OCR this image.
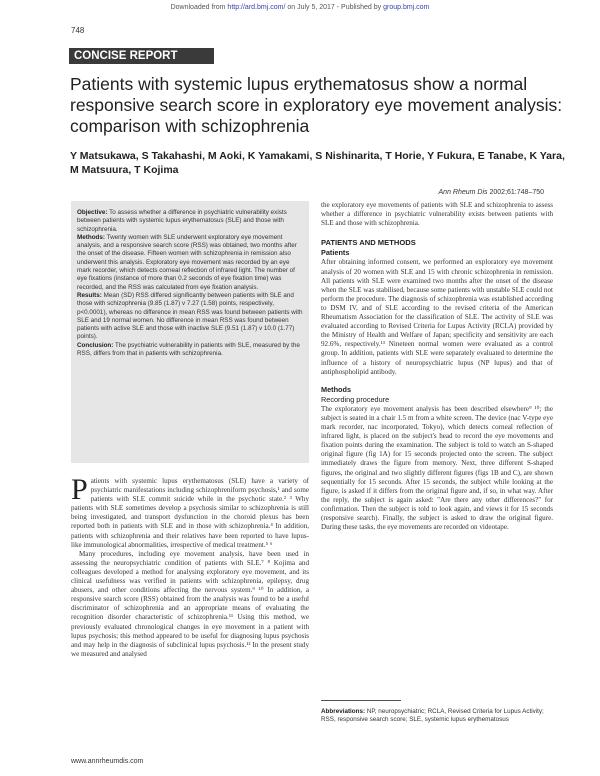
Downloaded from http://ard.bmj.com/ on July 5, 2017 - Published by group.bmj.com
748
CONCISE REPORT
Patients with systemic lupus erythematosus show a normal responsive search score in exploratory eye movement analysis: comparison with schizophrenia
Y Matsukawa, S Takahashi, M Aoki, K Yamakami, S Nishinarita, T Horie, Y Fukura, E Tanabe, K Yara, M Matsuura, T Kojima
Ann Rheum Dis 2002;61:748–750

Objective: To assess whether a difference in psychiatric vulnerability exists between patients with systemic lupus erythematosus (SLE) and those with schizophrenia.

Methods: Twenty women with SLE underwent exploratory eye movement analysis, and a responsive search score (RSS) was obtained, two months after the onset of the disease. Fifteen women with schizophrenia in remission also underwent this analysis. Exploratory eye movement was recorded by an eye mark recorder, which detects corneal reflection of infrared light. The number of eye fixations (instance of more than 0.2 seconds of eye fixation time) was recorded, and the RSS was calculated from eye fixation analysis.

Results: Mean (SD) RSS differed significantly between patients with SLE and those with schizophrenia (9.85 (1.87) v 7.27 (1.58) points, respectively, p<0.0001), whereas no difference in mean RSS was found between patients with SLE and 19 normal women. No difference in mean RSS was found between patients with active SLE and those with inactive SLE (9.51 (1.87) v 10.0 (1.77) points).

Conclusion: The psychiatric vulnerability in patients with SLE, measured by the RSS, differs from that in patients with schizophrenia.

Patients with systemic lupus erythematosus (SLE) have a variety of psychiatric manifestations including schizophreniform psychosis,¹ and some patients with SLE commit suicide while in the psychotic state.² ³ Why patients with SLE sometimes develop a psychosis similar to schizophrenia is still being investigated, and transport dysfunction in the choroid plexus has been reported both in patients with SLE and in those with schizophrenia.⁴ In addition, patients with schizophrenia and their relatives have been reported to have lupus-like immunological abnormalities, irrespective of medical treatment.⁵ ⁶

Many procedures, including eye movement analysis, have been used in assessing the neuropsychiatric condition of patients with SLE.⁷ ⁸ Kojima and colleagues developed a method for analysing exploratory eye movement, and its clinical usefulness was verified in patients with schizophrenia, epilepsy, drug abusers, and other conditions affecting the nervous system.⁹ ¹⁰ In addition, a responsive search score (RSS) obtained from the analysis was found to be a useful discriminator of schizophrenia and an appropriate means of evaluating the recognition disorder characteristic of schizophrenia.¹¹ Using this method, we previously evaluated chronological changes in eye movement in a patient with lupus psychosis; this method appeared to be useful for diagnosing lupus psychosis and may help in the diagnosis of subclinical lupus psychosis.¹² In the present study we measured and analysed

the exploratory eye movements of patients with SLE and schizophrenia to assess whether a difference in psychiatric vulnerability exists between patients with SLE and those with schizophrenia.

PATIENTS AND METHODS
Patients

After obtaining informed consent, we performed an exploratory eye movement analysis of 20 women with SLE and 15 with chronic schizophrenia in remission. All patients with SLE were examined two months after the onset of the disease when the SLE was stabilised, because some patients with unstable SLE could not perform the procedure. The diagnosis of schizophrenia was established according to DSM IV, and of SLE according to the revised criteria of the American Rheumatism Association for the classification of SLE. The activity of SLE was evaluated according to Revised Criteria for Lupus Activity (RCLA) provided by the Ministry of Health and Welfare of Japan; specificity and sensitivity are each 92.6%, respectively.¹³ Nineteen normal women were evaluated as a control group. In addition, patients with SLE were separately evaluated to determine the influence of a history of neuropsychiatric lupus (NP lupus) and that of antiphospholipid antibody.

Methods
Recording procedure

The exploratory eye movement analysis has been described elsewhere⁹ ¹⁰; the subject is seated in a chair 1.5 m from a white screen. The device (nac V-type eye mark recorder, nac incorporated, Tokyo), which detects corneal reflection of infrared light, is placed on the subject's head to record the eye movements and fixation points during the examination. The subject is told to watch an S-shaped original figure (fig 1A) for 15 seconds projected onto the screen. The subject immediately draws the figure from memory. Next, three different S-shaped figures, the original and two slightly different figures (figs 1B and C), are shown sequentially for 15 seconds. After 15 seconds, the subject while looking at the figure, is asked if it differs from the original figure and, if so, in what way. After the reply, the subject is again asked: "Are there any other differences?" for confirmation. Then the subject is told to look again, and views it for 15 seconds (responsive search). Finally, the subject is asked to draw the original figure. During these tasks, the eye movements are recorded on videotape.

Abbreviations: NP, neuropsychiatric; RCLA, Revised Criteria for Lupus Activity; RSS, responsive search score; SLE, systemic lupus erythematosus
www.annrheumdis.com
